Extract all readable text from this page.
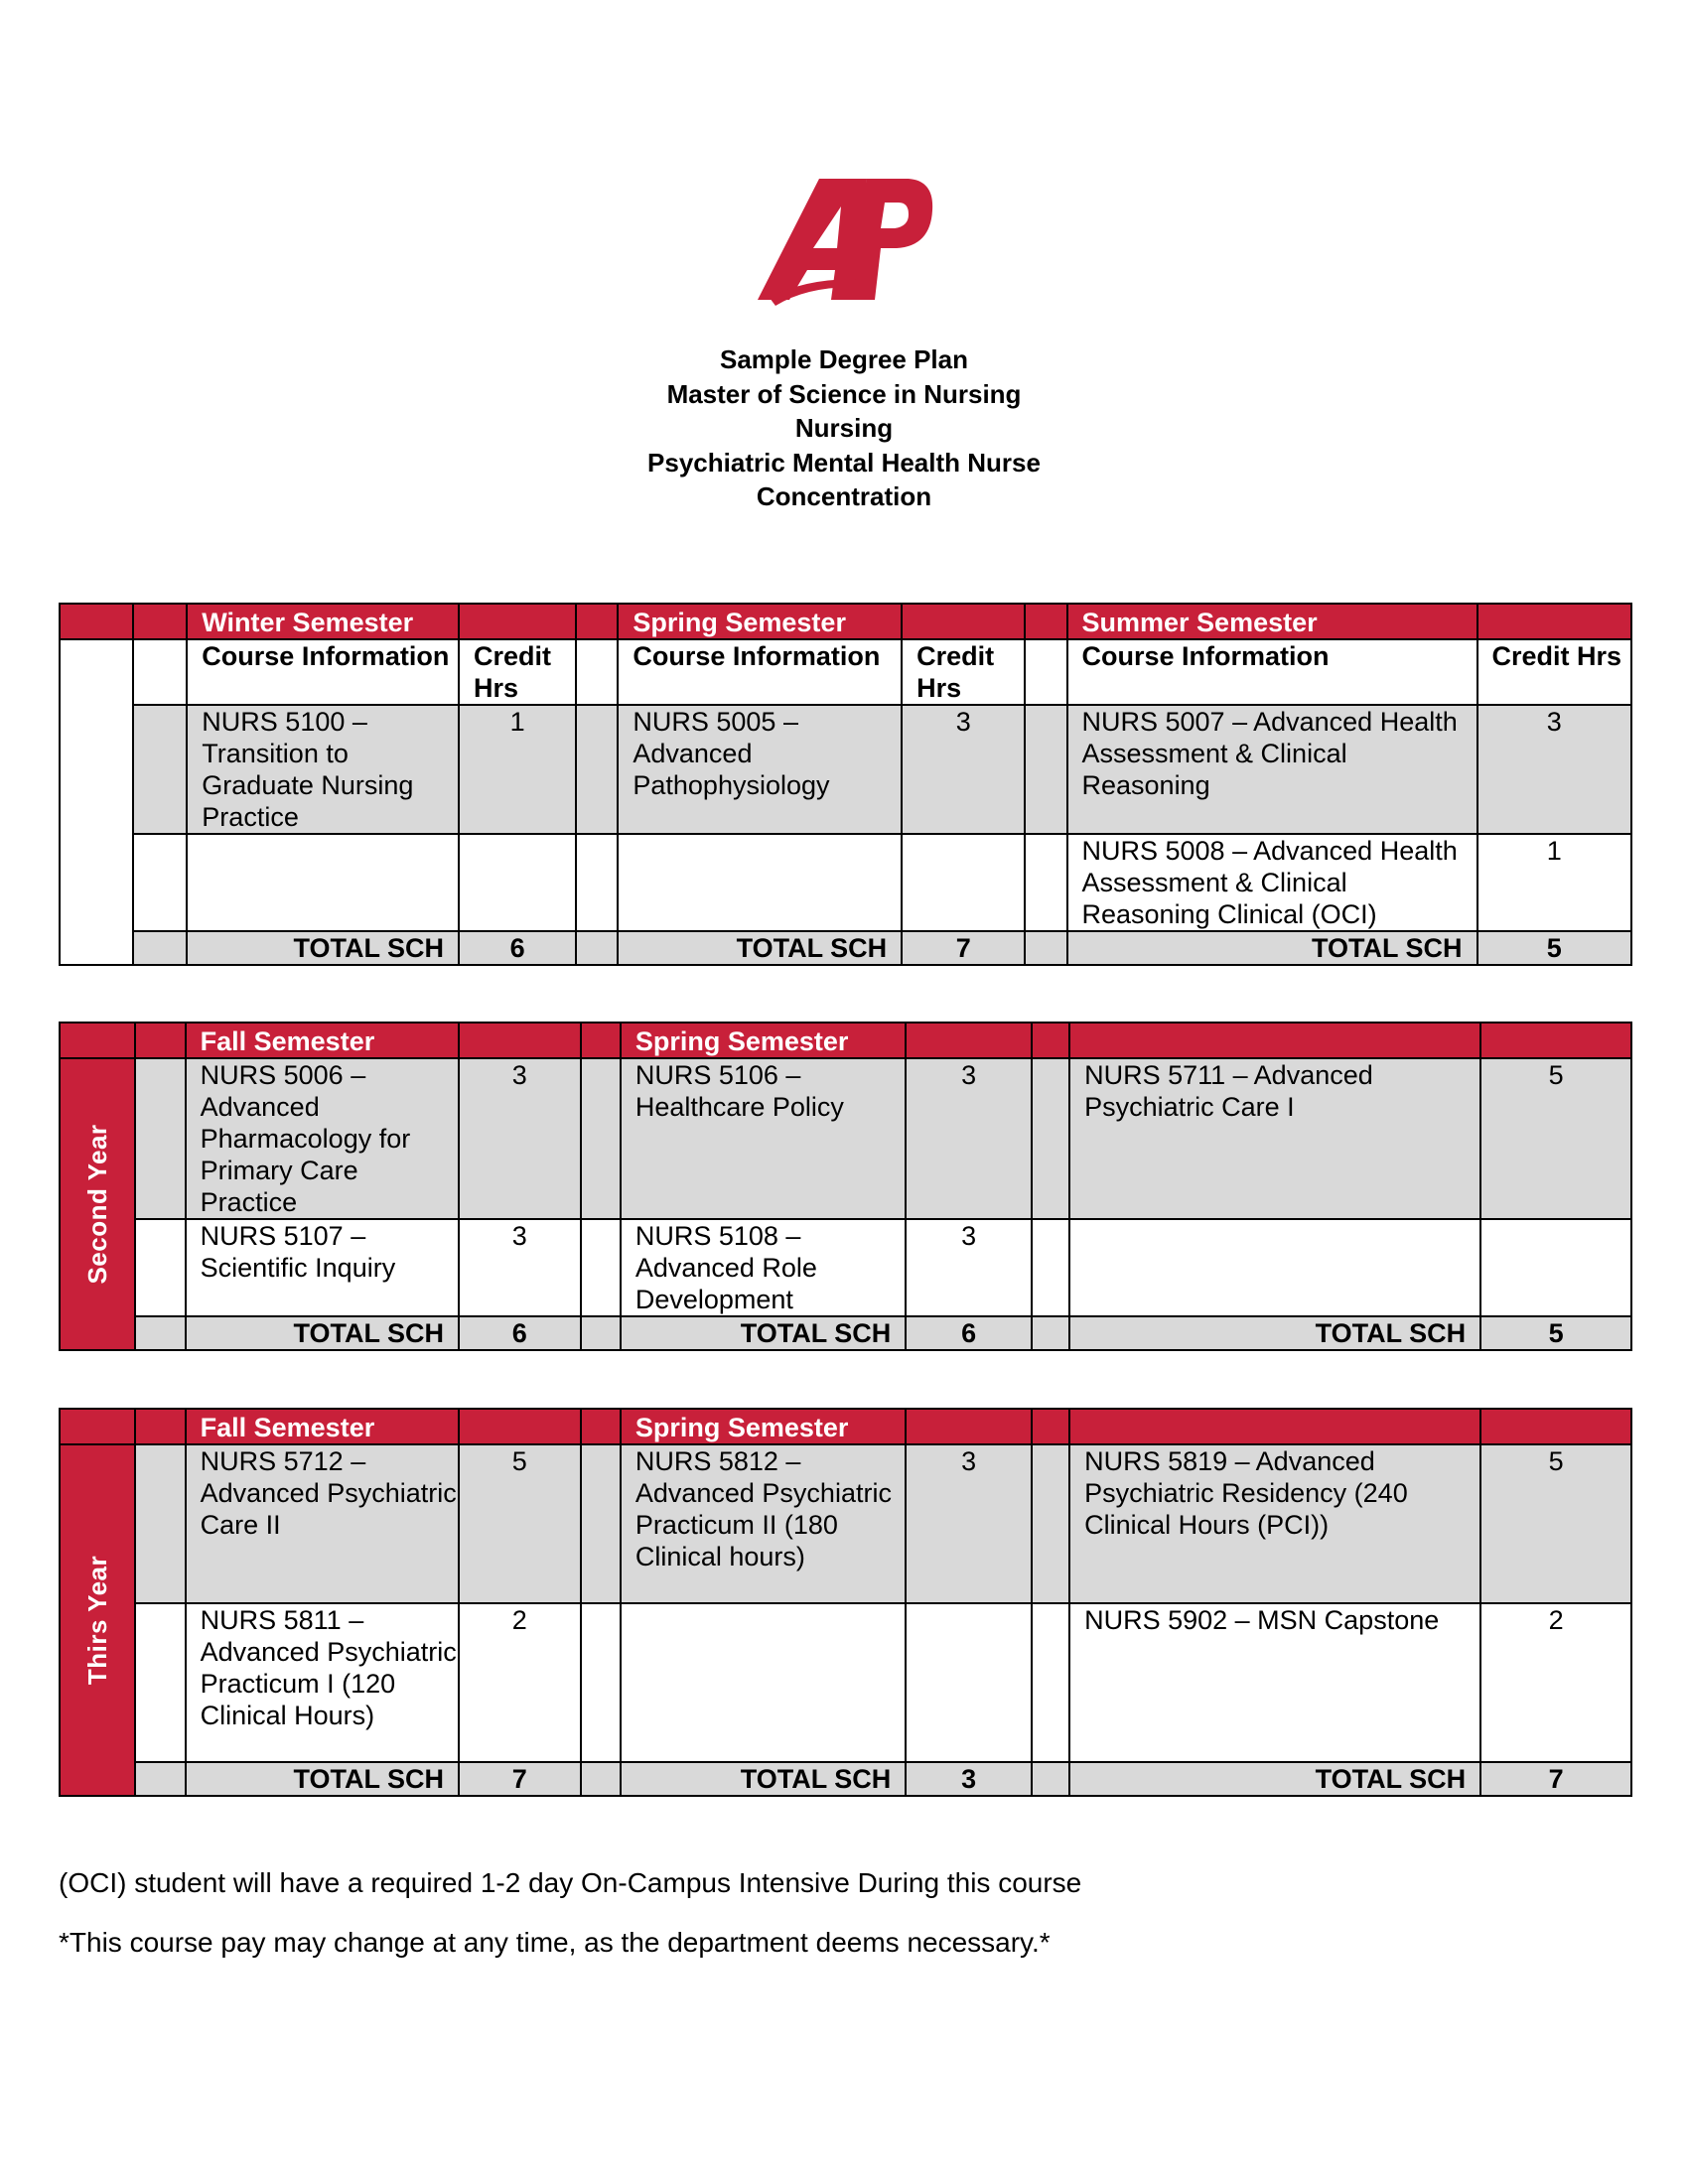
Sample Degree Plan
Master of Science in Nursing
Nursing
Psychiatric Mental Health Nurse
Concentration
		Winter Semester			Spring Semester			Summer Semester	

First Year		Course Information	Credit Hrs		Course Information	Credit Hrs		Course Information	Credit Hrs
		NURS 5100 – Transition to Graduate Nursing Practice	1		NURS 5005 – Advanced Pathophysiology	3		NURS 5007 – Advanced Health Assessment & Clinical Reasoning	3
								NURS 5008 – Advanced Health Assessment & Clinical Reasoning Clinical (OCI)	1
		TOTAL SCH	6		TOTAL SCH	7		TOTAL SCH	5
		Fall Semester			Spring Semester				

Second Year		NURS 5006 – Advanced Pharmacology for Primary Care Practice	3		NURS 5106 – Healthcare Policy	3		NURS 5711 – Advanced Psychiatric Care I	5
		NURS 5107 – Scientific Inquiry	3		NURS 5108 – Advanced Role Development	3			
		TOTAL SCH	6		TOTAL SCH	6		TOTAL SCH	5
		Fall Semester			Spring Semester				

Thirs Year		NURS 5712 – Advanced Psychiatric Care II	5		NURS 5812 – Advanced Psychiatric Practicum II (180 Clinical hours)	3		NURS 5819 – Advanced Psychiatric Residency (240 Clinical Hours (PCI))	5
		NURS 5811 – Advanced Psychiatric Practicum I (120 Clinical Hours)	2					NURS 5902 – MSN Capstone	2
		TOTAL SCH	7		TOTAL SCH	3		TOTAL SCH	7
(OCI) student will have a required 1-2 day On-Campus Intensive During this course
*This course pay may change at any time, as the department deems necessary.*
